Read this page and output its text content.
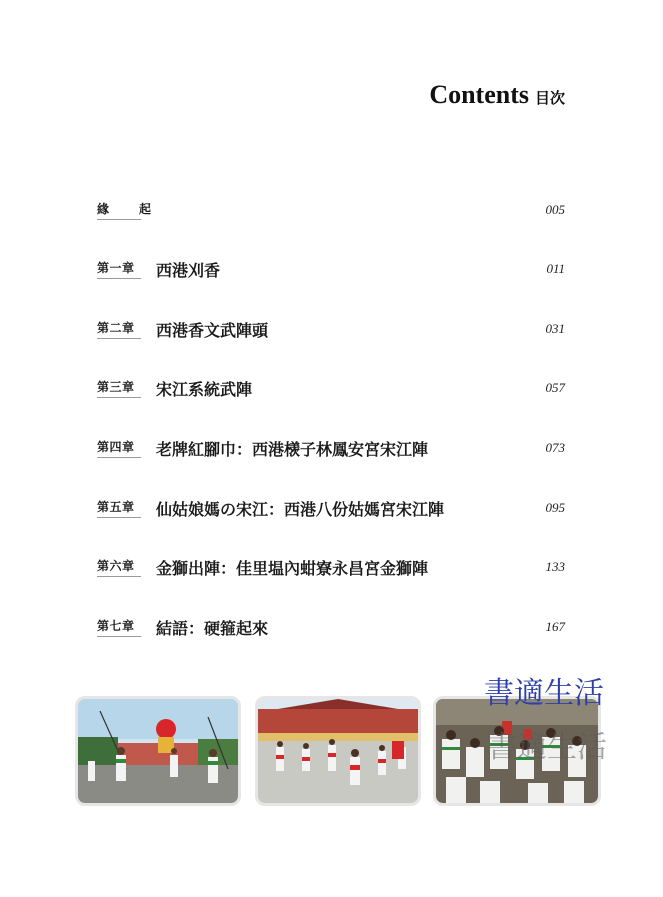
Contents 目次
緣　起	005
第一章	西港刈香	011
第二章	西港香文武陣頭	031
第三章	宋江系統武陣	057
第四章	老牌紅腳巾：西港檨子林鳳安宮宋江陣	073
第五章	仙姑娘媽の宋江：西港八份姑媽宮宋江陣	095
第六章	金獅出陣：佳里塭內蚶寮永昌宮金獅陣	133
第七章	結語：硬箍起來	167
書適生活
書適生活
